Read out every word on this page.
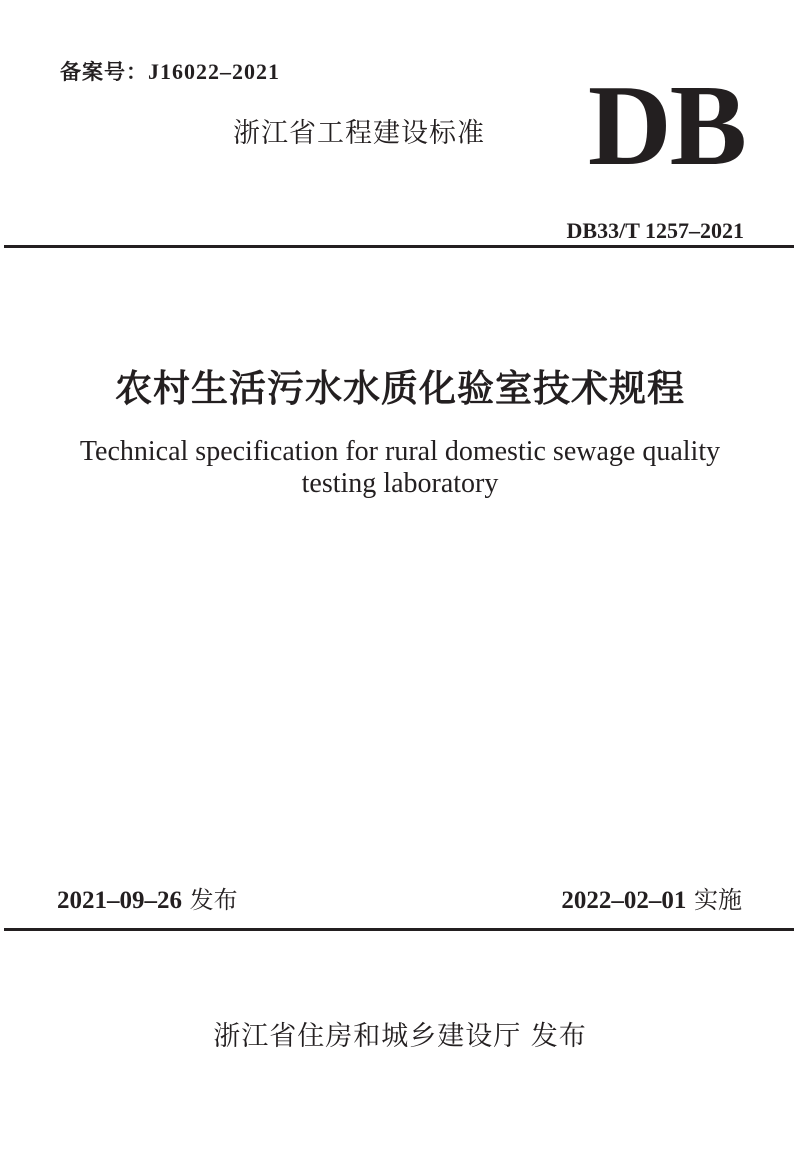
备案号：J16022–2021
浙江省工程建设标准 DB
DB33/T 1257–2021
农村生活污水水质化验室技术规程
Technical specification for rural domestic sewage quality
testing laboratory
2021–09–26 发布	2022–02–01 实施
浙江省住房和城乡建设厅 发布
